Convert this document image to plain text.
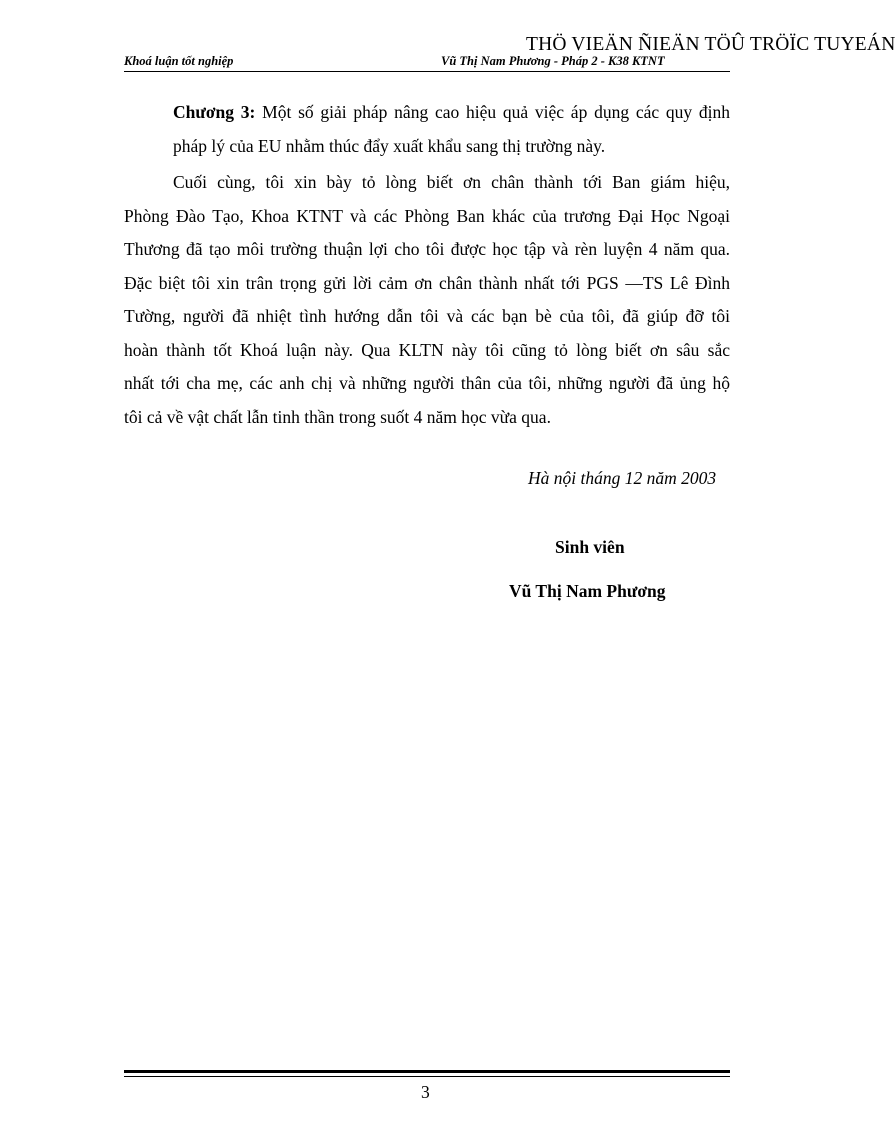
THÖ VIEÄN ÑIEÄN TÖÛ TRÖÏC TUYEÁN
Khoá luận tốt nghiệp	Vũ Thị Nam Phương - Pháp 2 - K38 KTNT
Chương 3: Một số giải pháp nâng cao hiệu quả việc áp dụng các quy định
pháp lý của EU nhằm thúc đẩy xuất khẩu sang thị trường này.
Cuối cùng, tôi xin bày tỏ lòng biết ơn chân thành tới Ban giám hiệu,
Phòng Đào Tạo, Khoa KTNT và các Phòng Ban khác của trương Đại Học Ngoại
Thương đã tạo môi trường thuận lợi cho tôi được học tập và rèn luyện 4 năm qua.
Đặc biệt tôi xin trân trọng gửi lời cảm ơn chân thành nhất tới PGS —TS Lê Đình
Tường, người đã nhiệt tình hướng dẫn tôi và các bạn bè của tôi, đã giúp đỡ tôi
hoàn thành tốt Khoá luận này. Qua KLTN này tôi cũng tỏ lòng biết ơn sâu sắc
nhất tới cha mẹ, các anh chị và những người thân của tôi, những người đã ủng hộ
tôi cả về vật chất lẫn tinh thần trong suốt 4 năm học vừa qua.
Hà nội tháng 12 năm 2003
Sinh viên
Vũ Thị Nam Phương
3
